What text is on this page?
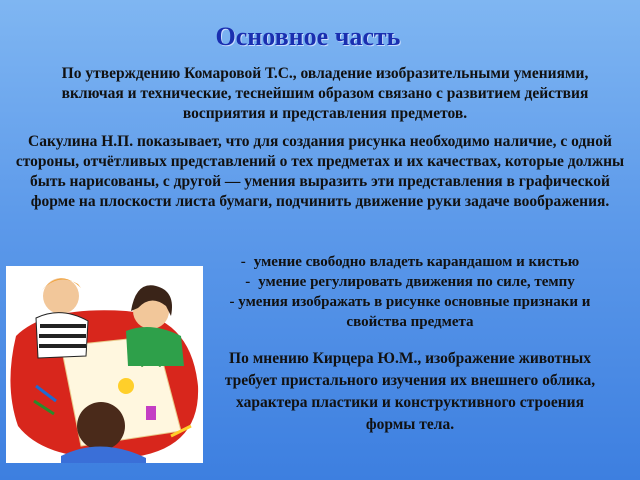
Основное часть
По утверждению Комаровой Т.С., овладение изобразительными умениями, включая и технические, теснейшим образом связано с развитием действия восприятия и представления предметов.
Сакулина Н.П. показывает, что для создания рисунка необходимо наличие, с одной стороны, отчётливых представлений о тех предметах и их качествах, которые должны быть нарисованы, с другой — умения выразить эти представления в графической форме на плоскости листа бумаги, подчинить движение руки задаче воображения.
- умение свободно владеть карандашом и кистью
- умение регулировать движения по силе, темпу
- умения изображать в рисунке основные признаки и свойства предмета
По мнению Кирцера Ю.М., изображение животных требует пристального изучения их внешнего облика, характера пластики и конструктивного строения формы тела.
